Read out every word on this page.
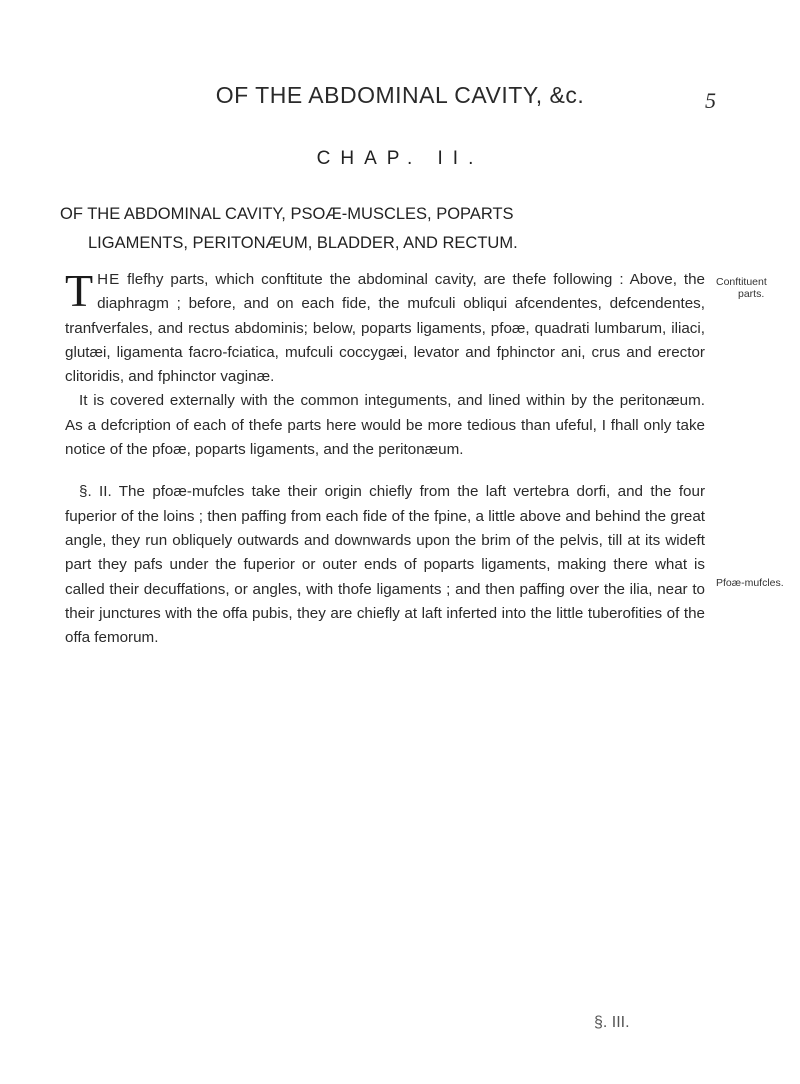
OF THE ABDOMINAL CAVITY, &c.	5
CHAP. II.
OF THE ABDOMINAL CAVITY, PSOÆ-MUSCLES, POPARTS
LIGAMENTS, PERITONÆUM, BLADDER, AND RECTUM.
Conftituent
parts.
Pfoæ-mufcles.

THE flefhy parts, which conftitute the abdominal cavity, are thefe following : Above, the diaphragm ; before, and on each fide, the mufculi obliqui afcendentes, defcendentes, tranfverfales, and rectus abdominis; below, poparts ligaments, pfoæ, quadrati lumbarum, iliaci, glutæi, ligamenta facro-fciatica, mufculi coccygæi, levator and fphinctor ani, crus and erector clitoridis, and fphinctor vaginæ.

It is covered externally with the common integuments, and lined within by the peritonæum. As a defcription of each of thefe parts here would be more tedious than ufeful, I fhall only take notice of the pfoæ, poparts ligaments, and the peritonæum.

§. II. The pfoæ-mufcles take their origin chiefly from the laft vertebra dorfi, and the four fuperior of the loins ; then paffing from each fide of the fpine, a little above and behind the great angle, they run obliquely outwards and downwards upon the brim of the pelvis, till at its wideft part they pafs under the fuperior or outer ends of poparts ligaments, making there what is called their decuffations, or angles, with thofe ligaments ; and then paffing over the ilia, near to their junctures with the offa pubis, they are chiefly at laft inferted into the little tuberofities of the offa femorum.

§. III.
